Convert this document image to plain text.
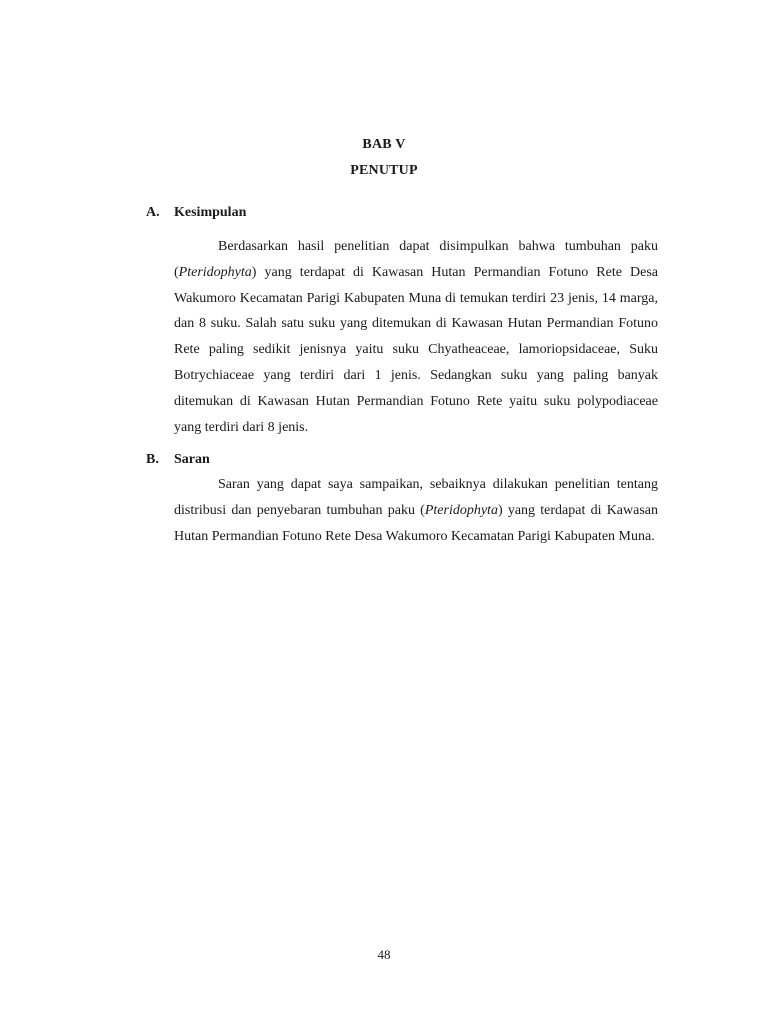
BAB V
PENUTUP
A.	Kesimpulan

Berdasarkan hasil penelitian dapat disimpulkan bahwa tumbuhan paku (Pteridophyta) yang terdapat di Kawasan Hutan Permandian Fotuno Rete Desa Wakumoro Kecamatan Parigi Kabupaten Muna di temukan terdiri 23 jenis, 14 marga, dan 8 suku. Salah satu suku yang ditemukan di Kawasan Hutan Permandian Fotuno Rete paling sedikit jenisnya yaitu suku Chyatheaceae, lamoriopsidaceae, Suku Botrychiaceae yang terdiri dari 1 jenis. Sedangkan suku yang paling banyak ditemukan di Kawasan Hutan Permandian Fotuno Rete yaitu suku polypodiaceae yang terdiri dari 8 jenis.

B.	Saran

Saran yang dapat saya sampaikan, sebaiknya dilakukan penelitian tentang distribusi dan penyebaran tumbuhan paku (Pteridophyta) yang terdapat di Kawasan Hutan Permandian Fotuno Rete Desa Wakumoro Kecamatan Parigi Kabupaten Muna.

48
